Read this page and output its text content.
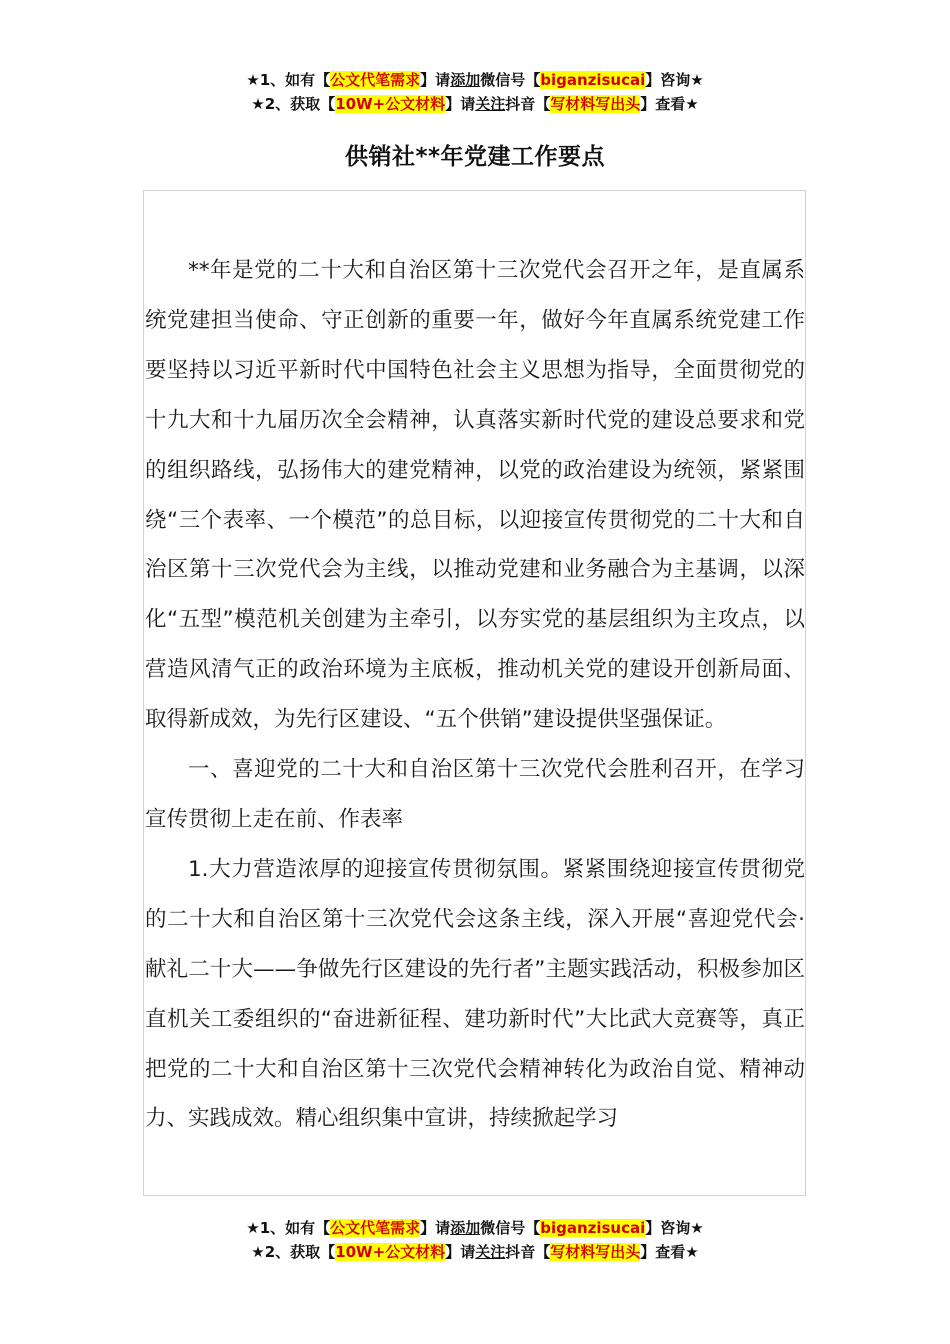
★1、如有【公文代笔需求】请添加微信号【biganzisucai】咨询★
★2、获取【10W+公文材料】请关注抖音【写材料写出头】查看★
供销社**年党建工作要点

**年是党的二十大和自治区第十三次党代会召开之年，是直属系统党建担当使命、守正创新的重要一年，做好今年直属系统党建工作要坚持以习近平新时代中国特色社会主义思想为指导，全面贯彻党的十九大和十九届历次全会精神，认真落实新时代党的建设总要求和党的组织路线，弘扬伟大的建党精神，以党的政治建设为统领，紧紧围绕“三个表率、一个模范”的总目标，以迎接宣传贯彻党的二十大和自治区第十三次党代会为主线，以推动党建和业务融合为主基调，以深化“五型”模范机关创建为主牵引，以夯实党的基层组织为主攻点，以营造风清气正的政治环境为主底板，推动机关党的建设开创新局面、取得新成效，为先行区建设、“五个供销”建设提供坚强保证。

一、喜迎党的二十大和自治区第十三次党代会胜利召开，在学习宣传贯彻上走在前、作表率

1.大力营造浓厚的迎接宣传贯彻氛围。紧紧围绕迎接宣传贯彻党的二十大和自治区第十三次党代会这条主线，深入开展“喜迎党代会·献礼二十大——争做先行区建设的先行者”主题实践活动，积极参加区直机关工委组织的“奋进新征程、建功新时代”大比武大竞赛等，真正把党的二十大和自治区第十三次党代会精神转化为政治自觉、精神动力、实践成效。精心组织集中宣讲，持续掀起学习

★1、如有【公文代笔需求】请添加微信号【biganzisucai】咨询★
★2、获取【10W+公文材料】请关注抖音【写材料写出头】查看★
